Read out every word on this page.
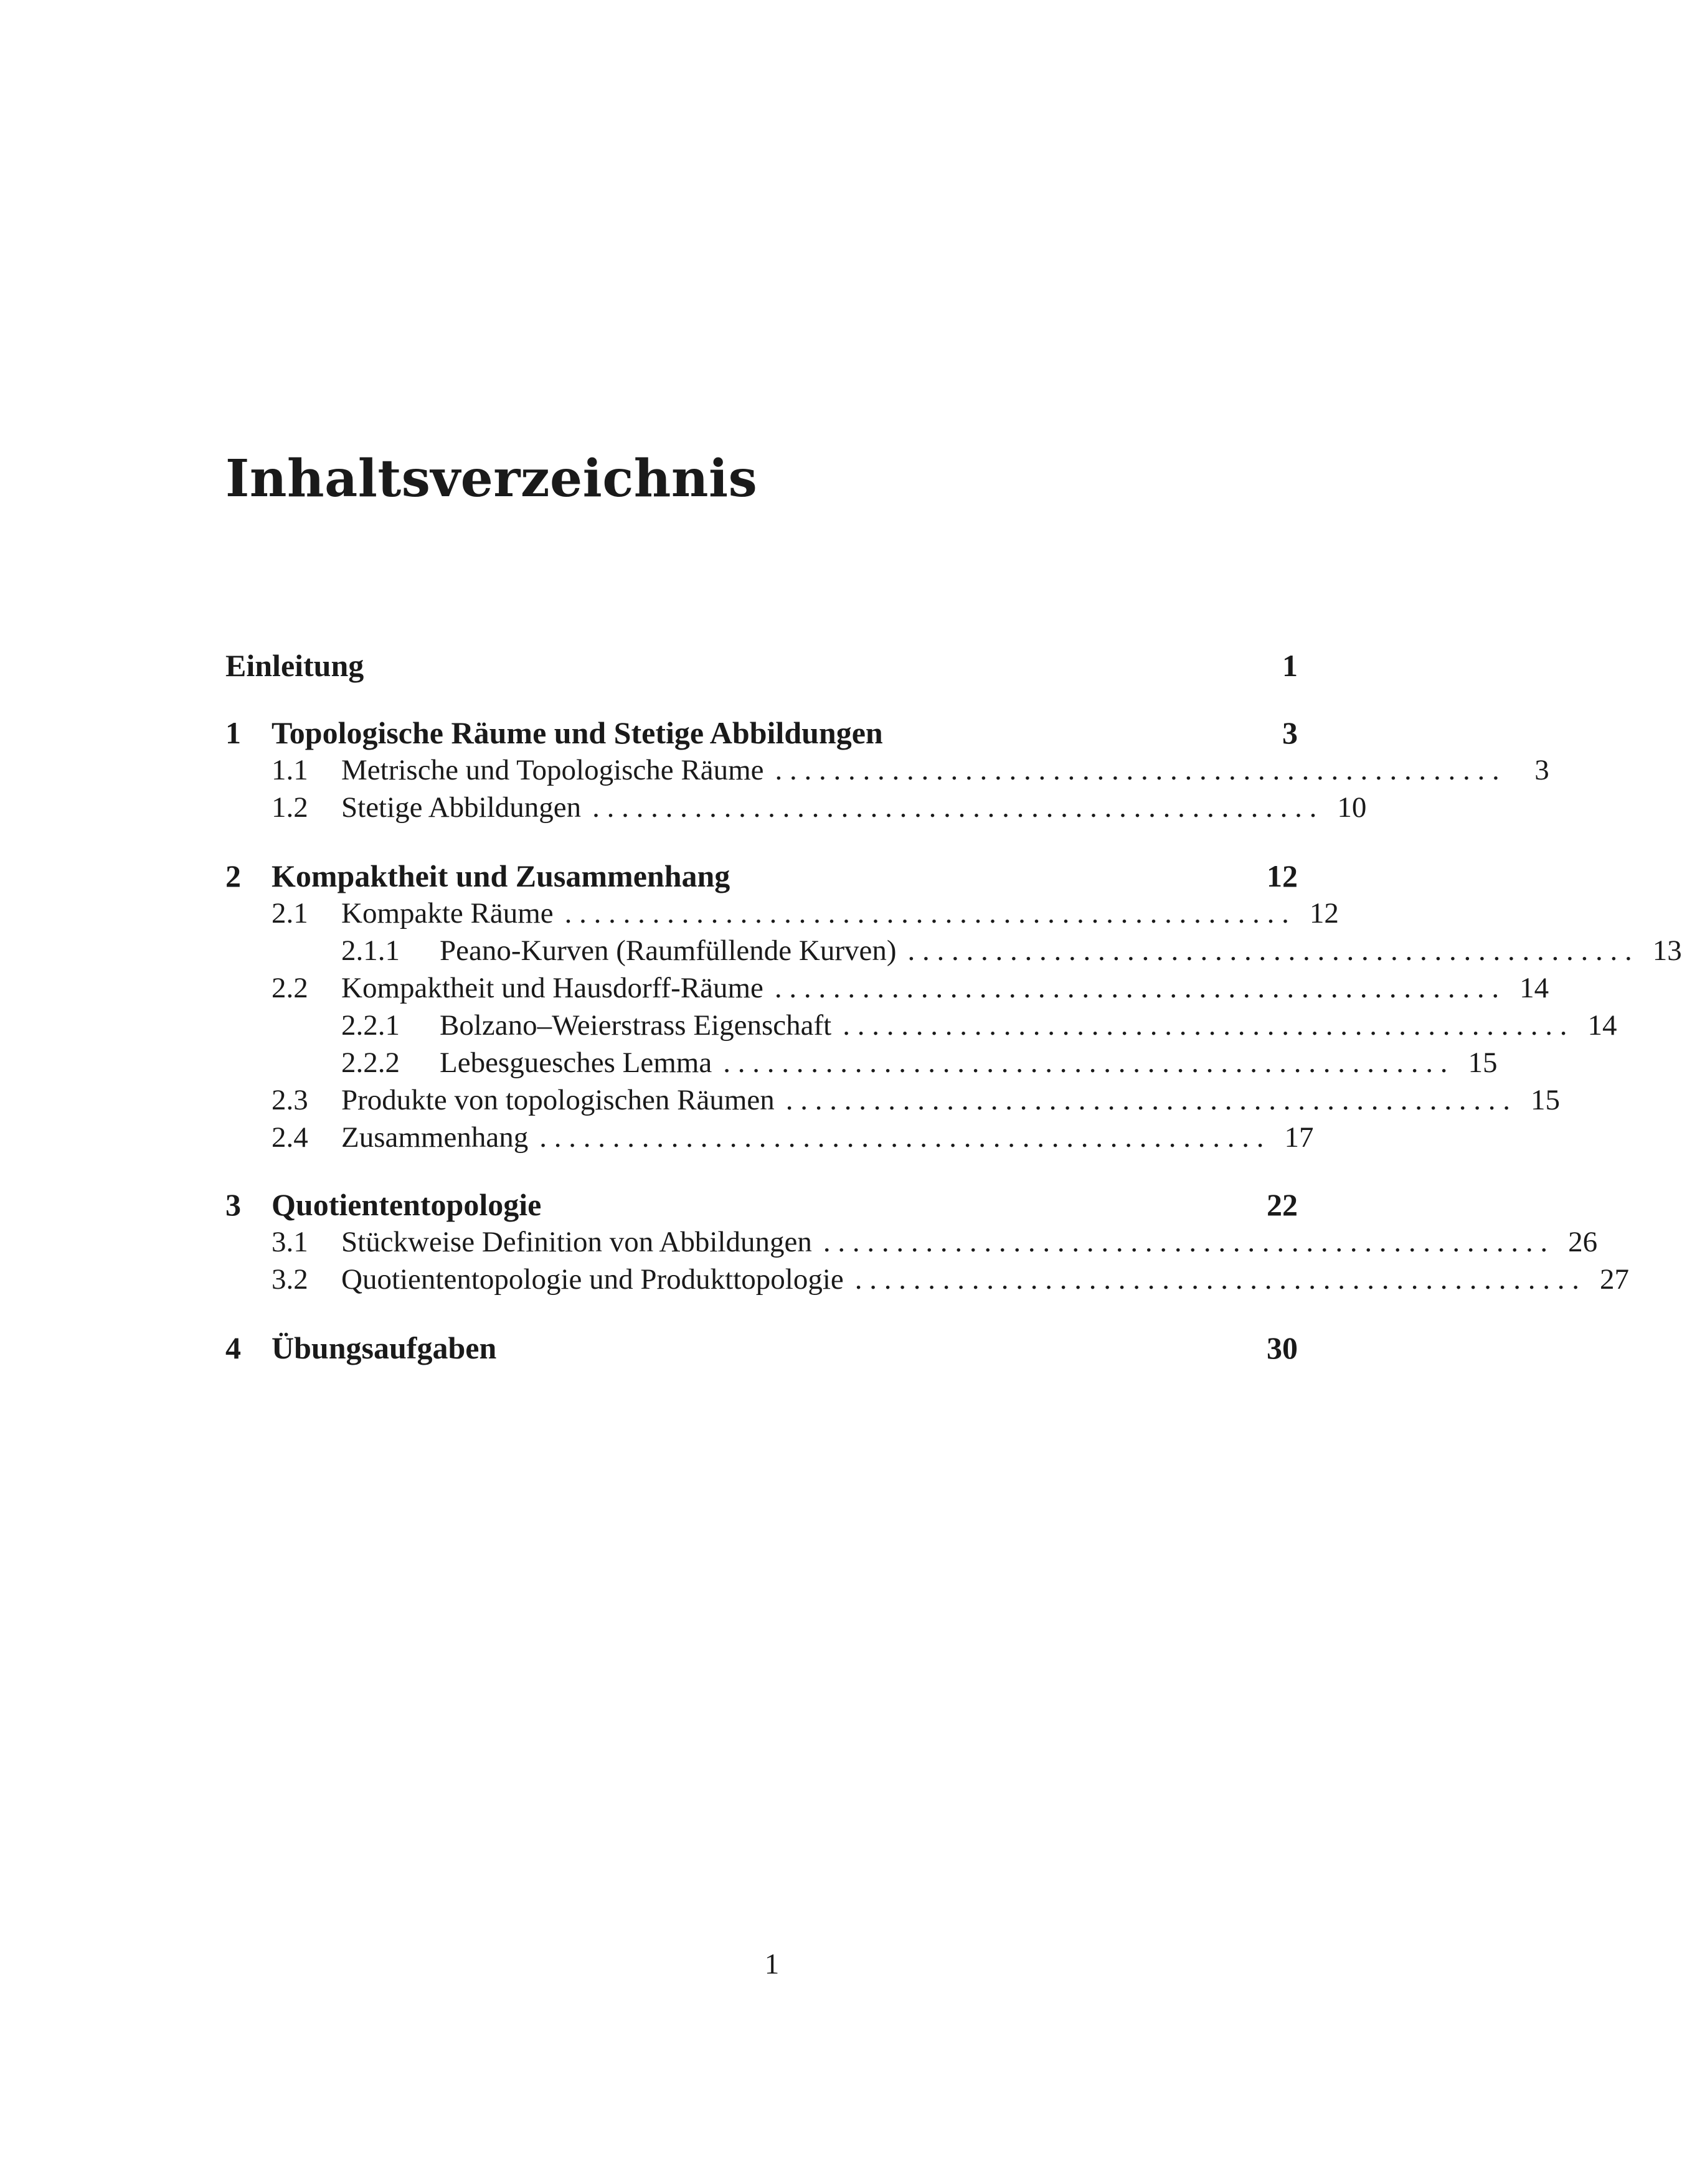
Inhaltsverzeichnis
Einleitung	1
1 Topologische Räume und Stetige Abbildungen	3
1.1	Metrische und Topologische Räume . . . . . . . . . . . . . . . . . . . . . . . . . . . . . . . . . . . . . . . . . . . . . . . . . .	3
1.2	Stetige Abbildungen . . . . . . . . . . . . . . . . . . . . . . . . . . . . . . . . . . . . . . . . . . . . . . . . . . 10
2 Kompaktheit und Zusammenhang	12
2.1	Kompakte Räume . . . . . . . . . . . . . . . . . . . . . . . . . . . . . . . . . . . . . . . . . . . . . . . . . . 12
2.1.1	Peano-Kurven (Raumfüllende Kurven) . . . . . . . . . . . . . . . . . . . . . . . . . . . . . . . . . . . . . . . . . . . . . . . . . . 13
2.2	Kompaktheit und Hausdorff-Räume . . . . . . . . . . . . . . . . . . . . . . . . . . . . . . . . . . . . . . . . . . . . . . . . . . 14
2.2.1	Bolzano–Weierstrass Eigenschaft . . . . . . . . . . . . . . . . . . . . . . . . . . . . . . . . . . . . . . . . . . . . . . . . . . 14
2.2.2	Lebesguesches Lemma . . . . . . . . . . . . . . . . . . . . . . . . . . . . . . . . . . . . . . . . . . . . . . . . . . 15
2.3	Produkte von topologischen Räumen . . . . . . . . . . . . . . . . . . . . . . . . . . . . . . . . . . . . . . . . . . . . . . . . . . 15
2.4	Zusammenhang . . . . . . . . . . . . . . . . . . . . . . . . . . . . . . . . . . . . . . . . . . . . . . . . . . 17
3 Quotiententopologie	22
3.1	Stückweise Definition von Abbildungen . . . . . . . . . . . . . . . . . . . . . . . . . . . . . . . . . . . . . . . . . . . . . . . . . . 26
3.2	Quotiententopologie und Produkttopologie . . . . . . . . . . . . . . . . . . . . . . . . . . . . . . . . . . . . . . . . . . . . . . . . . . 27
4 Übungsaufgaben	30
1
